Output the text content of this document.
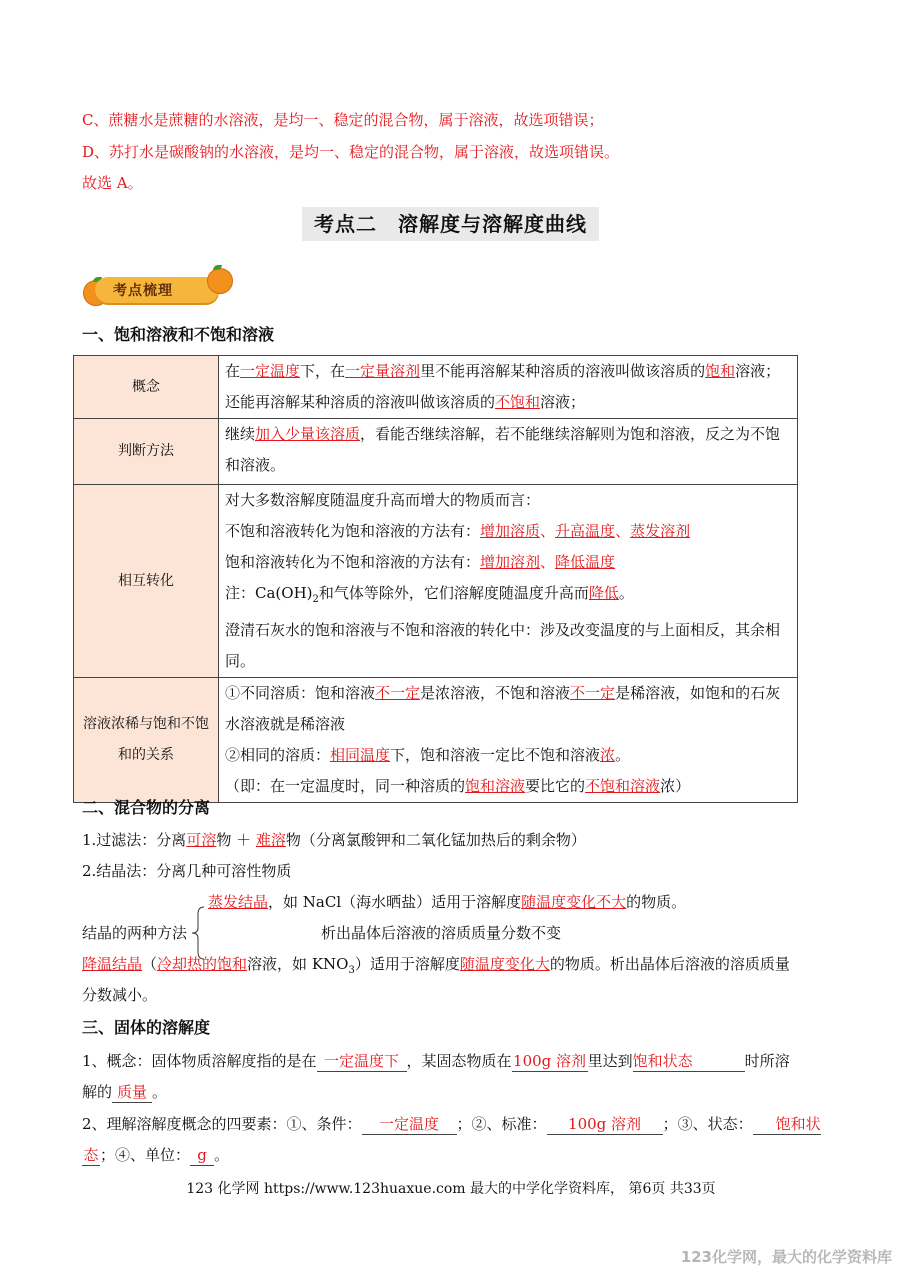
C、蔗糖水是蔗糖的水溶液，是均一、稳定的混合物，属于溶液，故选项错误；
D、苏打水是碳酸钠的水溶液，是均一、稳定的混合物，属于溶液，故选项错误。
故选 A。
考点二　溶解度与溶解度曲线
考点梳理
一、饱和溶液和不饱和溶液
概念	在一定温度下，在一定量溶剂里不能再溶解某种溶质的溶液叫做该溶质的饱和溶液；还能再溶解某种溶质的溶液叫做该溶质的不饱和溶液；
判断方法	继续加入少量该溶质，看能否继续溶解，若不能继续溶解则为饱和溶液，反之为不饱和溶液。
相互转化	对大多数溶解度随温度升高而增大的物质而言：
不饱和溶液转化为饱和溶液的方法有：增加溶质、升高温度、蒸发溶剂
饱和溶液转化为不饱和溶液的方法有：增加溶剂、降低温度
注：$Ca(OH)_2$和气体等除外，它们溶解度随温度升高而降低。
澄清石灰水的饱和溶液与不饱和溶液的转化中：涉及改变温度的与上面相反，其余相同。

溶液浓稀与饱和不饱和的关系	①不同溶质：饱和溶液不一定是浓溶液，不饱和溶液不一定是稀溶液，如饱和的石灰水溶液就是稀溶液
②相同的溶质：相同温度下，饱和溶液一定比不饱和溶液浓。
（即：在一定温度时，同一种溶质的饱和溶液要比它的不饱和溶液浓）
二、混合物的分离
1.过滤法：分离可溶物 ＋ 难溶物（分离氯酸钾和二氧化锰加热后的剩余物）
2.结晶法：分离几种可溶性物质
蒸发结晶，如 NaCl（海水晒盐）适用于溶解度随温度变化不大的物质。
结晶的两种方法	析出晶体后溶液的溶质质量分数不变
降温结晶（冷却热的饱和溶液，如 $KNO_3$）适用于溶解度随温度变化大的物质。析出晶体后溶液的溶质质量
分数减小。
三、固体的溶解度
1、概念：固体物质溶解度指的是在 一定温度下 ，某固态物质在100g 溶剂 里达到饱和状态	时所溶
解的 质量 。
2、理解溶解度概念的四要素：①、条件： 一定温度 ；②、标准： 100g 溶剂 ；③、状态： 饱和状
态 ；④、单位： g 。
123 化学网 https://www.123huaxue.com 最大的中学化学资料库， 第6页 共33页
123化学网，最大的化学资料库
